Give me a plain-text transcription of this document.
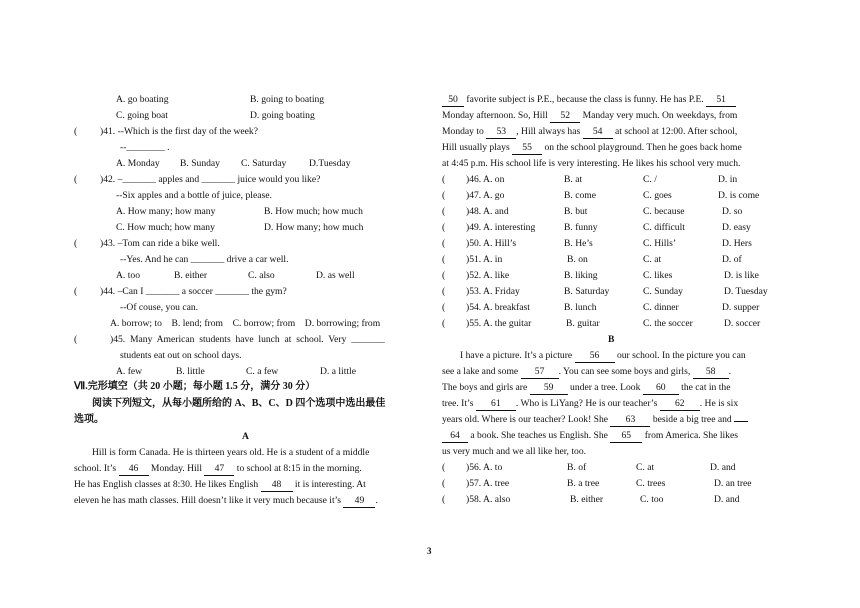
A. go boating	B. going to boating
C. going boat	D. going boating
( )41. --Which is the first day of the week?
--________ .
A. Monday B. Sunday C. Saturday D.Tuesday
( )42. –_______ apples and _______ juice would you like?
--Six apples and a bottle of juice, please.
A. How many; how many	B. How much; how much
C. How much; how many	D. How many; how much
( )43. –Tom can ride a bike well.
--Yes. And he can _______ drive a car well.
A. too	B. either	C. also	D. as well
( )44. –Can I _______ a soccer _______ the gym?
--Of couse, you can.
A. borrow; to    B. lend; from    C. borrow; from    D. borrowing; from
(	)45.  Many  American  students  have  lunch  at  school.  Very  _______
students eat out on school days.
A. few	B. little	C. a few	D. a little
Ⅶ.完形填空（共 20 小题；每小题 1.5 分，满分 30 分）
阅读下列短文，从每小题所给的 A、B、C、D 四个选项中选出最佳
选项。
A
Hill is form Canada. He is thirteen years old. He is a student of a middle
school. It’s 46 Monday. Hill 47 to school at 8:15 in the morning.
He has English classes at 8:30. He likes English 48 it is interesting. At
eleven he has math classes. Hill doesn’t like it very much because it’s 49 .
50 favorite subject is P.E., because the class is funny. He has P.E. 51
Monday afternoon. So, Hill 52 Manday very much. On weekdays, from
Monday to 53 , Hill always has 54 at school at 12:00. After school,
Hill usually plays 55 on the school playground. Then he goes back home
at 4:45 p.m. His school life is very interesting. He likes his school very much.
( )46. A. on	B. at	C. /	D. in
( )47. A. go	B. come	C. goes	D. is come
( )48. A. and	B. but	C. because	D. so
( )49. A. interesting	B. funny	C. difficult	D. easy
( )50. A. Hill’s	B. He’s	C. Hills’	D. Hers
( )51. A. in	B. on	C. at	D. of
( )52. A. like	B. liking	C. likes	D. is like
( )53. A. Friday	B. Saturday	C. Sunday	D. Tuesday
( )54. A. breakfast	B. lunch	C. dinner	D. supper
( )55. A. the guitar	B. guitar	C. the soccer	D. soccer
B
I have a picture. It’s a picture 56 our school. In the picture you can
see a lake and some 57 . You can see some boys and girls, 58 .
The boys and girls are 59 under a tree. Look 60 the cat in the
tree. It’s 61 . Who is LiYang? He is our teacher’s 62 . He is six
years old. Where is our teacher? Look! She 63 beside a big tree and
64 a book. She teaches us English. She 65 from America. She likes
us very much and we all like her, too.
( )56. A. to	B. of	C. at	D. and
( )57. A. tree	B. a tree	C. trees	D. an tree
( )58. A. also	B. either	C. too	D. and
3
